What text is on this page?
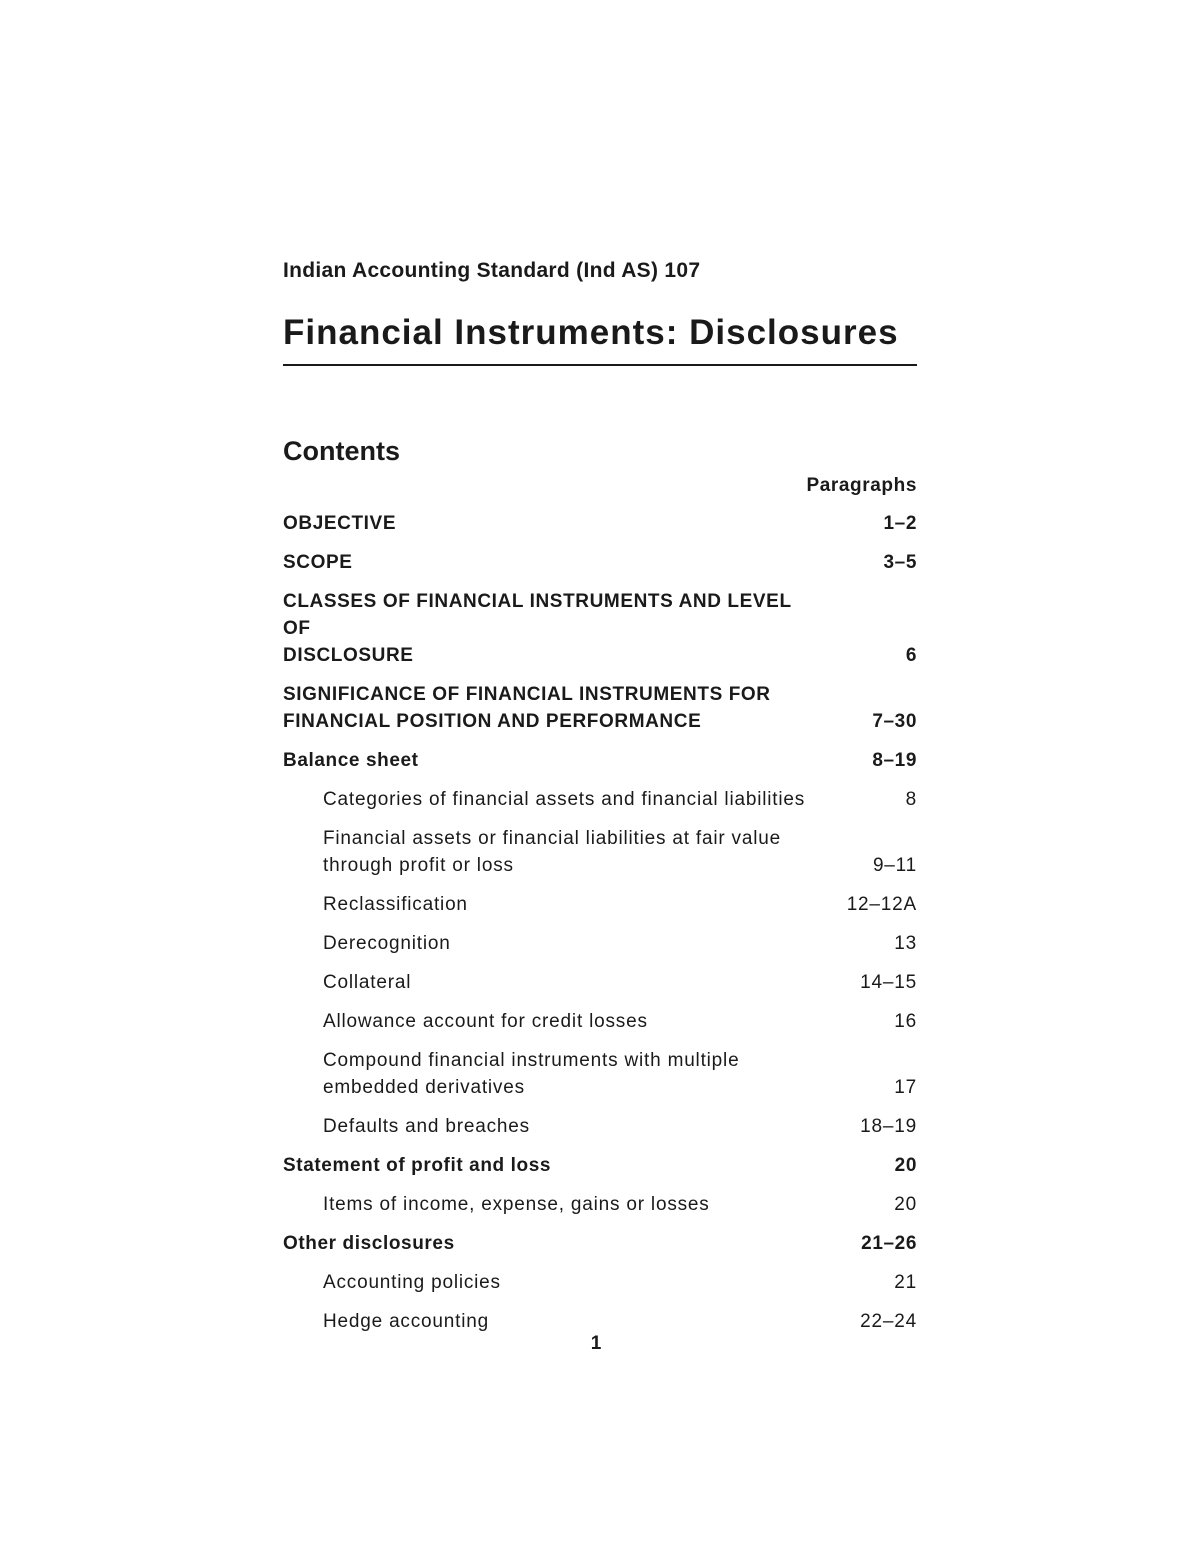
Indian Accounting Standard (Ind AS) 107
Financial Instruments: Disclosures
Contents
Paragraphs
OBJECTIVE	1–2
SCOPE	3–5
CLASSES OF FINANCIAL INSTRUMENTS AND LEVEL OF
DISCLOSURE	6
SIGNIFICANCE OF FINANCIAL INSTRUMENTS FOR
FINANCIAL POSITION AND PERFORMANCE	7–30
Balance sheet	8–19
Categories of financial assets and financial liabilities	8
Financial assets or financial liabilities at fair value
through profit or loss	9–11
Reclassification	12–12A
Derecognition	13
Collateral	14–15
Allowance account for credit losses	16
Compound financial instruments with multiple
embedded derivatives	17
Defaults and breaches	18–19
Statement of profit and loss	20
Items of income, expense, gains or losses	20
Other disclosures	21–26
Accounting policies	21
Hedge accounting	22–24
1
